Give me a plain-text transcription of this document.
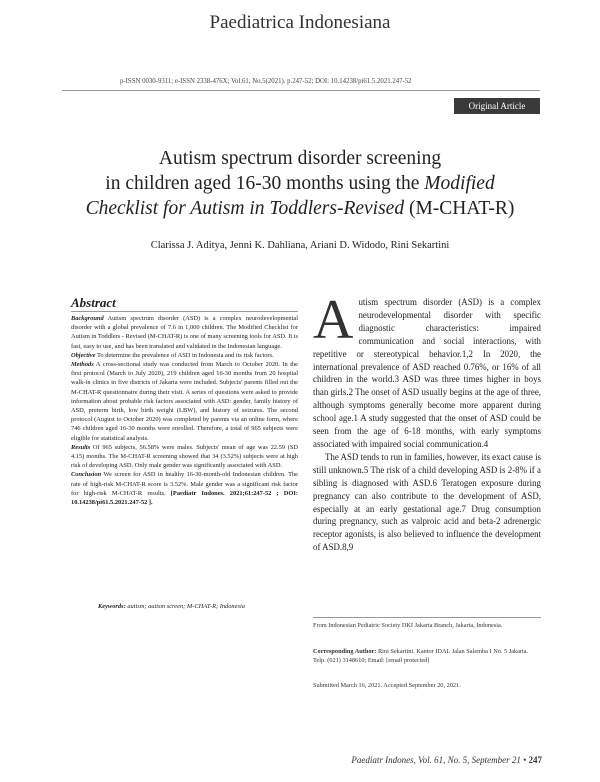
Paediatrica Indonesiana
p-ISSN 0030-9311; e-ISSN 2338-476X; Vol.61, No.5(2021). p.247-52; DOI: 10.14238/pi61.5.2021.247-52
Original Article
Autism spectrum disorder screening
in children aged 16-30 months using the Modified
Checklist for Autism in Toddlers-Revised (M-CHAT-R)
Clarissa J. Aditya, Jenni K. Dahliana, Ariani D. Widodo, Rini Sekartini
Abstract

Background Autism spectrum disorder (ASD) is a complex neurodevelopmental disorder with a global prevalence of 7.6 in 1,000 children. The Modified Checklist for Autism in Toddlers - Revised (M-CHAT-R) is one of many screening tools for ASD. It is fast, easy to use, and has been translated and validated in the Indonesian language.

Objective To determine the prevalence of ASD in Indonesia and its risk factors.

Methods A cross-sectional study was conducted from March to October 2020. In the first protocol (March to July 2020), 219 children aged 16-30 months from 20 hospital walk-in clinics in five districts of Jakarta were included. Subjects' parents filled out the M-CHAT-R questionnaire during their visit. A series of questions were asked to provide information about probable risk factors associated with ASD: gender, family history of ASD, preterm birth, low birth weight (LBW), and history of seizures. The second protocol (August to October 2020) was completed by parents via an online form, where 746 children aged 16-30 months were enrolled. Therefore, a total of 965 subjects were eligible for statistical analysis.

Results Of 965 subjects, 56.58% were males. Subjects' mean of age was 22.59 (SD 4.15) months. The M-CHAT-R screening showed that 34 (3.52%) subjects were at high risk of developing ASD. Only male gender was significantly associated with ASD.

Conclusion We screen for ASD in healthy 16-30-month-old Indonesian children. The rate of high-risk M-CHAT-R score is 3.52%. Male gender was a significant risk factor for high-risk M-CHAT-R results. [Paediatr Indones. 2021;61:247-52 ; DOI: 10.14238/pi61.5.2021.247-52 ].

Keywords: autism; autism screen; M-CHAT-R; Indonesia

Autism spectrum disorder (ASD) is a complex neurodevelopmental disorder with specific diagnostic characteristics: impaired communication and social interactions, with repetitive or stereotypical behavior.1,2 In 2020, the international prevalence of ASD reached 0.76%, or 16% of all children in the world.3 ASD was three times higher in boys than girls.2 The onset of ASD usually begins at the age of three, although symptoms generally become more apparent during school age.1 A study suggested that the onset of ASD could be seen from the age of 6-18 months, with early symptoms associated with impaired social communication.4

The ASD tends to run in families, however, its exact cause is still unknown.5 The risk of a child developing ASD is 2-8% if a sibling is diagnosed with ASD.6 Teratogen exposure during pregnancy can also contribute to the development of ASD, especially at an early gestational age.7 Drug consumption during pregnancy, such as valproic acid and beta-2 adrenergic receptor agonists, is also believed to influence the development of ASD.8,9

From Indonesian Pediatric Society DKI Jakarta Branch, Jakarta, Indonesia.
Corresponding Author: Rini Sekartini. Kantor IDAI. Jalan Salemba I No. 5 Jakarta. Telp. (021) 3148610; Email: [email protected]
Submitted March 16, 2021. Accepted September 20, 2021.
Paediatr Indones, Vol. 61, No. 5, September 21 • 247
